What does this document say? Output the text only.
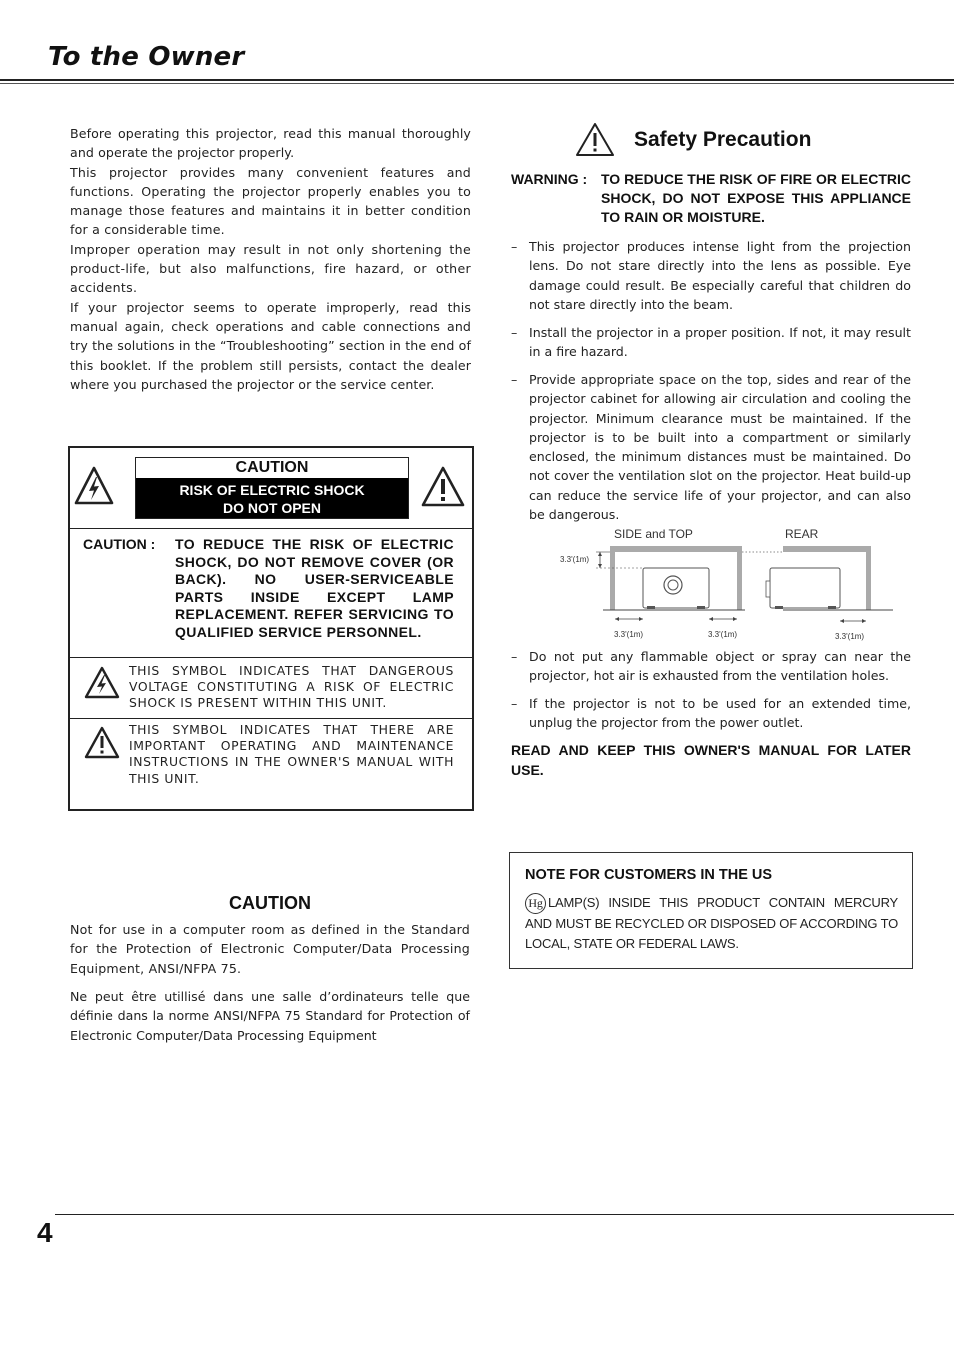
To the Owner

Before operating this projector, read this manual thoroughly and operate the projector properly.

This projector provides many convenient features and functions. Operating the projector properly enables you to manage those features and maintains it in better condition for a considerable time.

Improper operation may result in not only shortening the product-life, but also malfunctions, fire hazard, or other accidents.

If your projector seems to operate improperly, read this manual again, check operations and cable connections and try the solutions in the “Troubleshooting” section in the end of this booklet. If the problem still persists, contact the dealer where you purchased the projector or the service center.

CAUTION
RISK OF ELECTRIC SHOCK
DO NOT OPEN
CAUTION : TO REDUCE THE RISK OF ELECTRIC SHOCK, DO NOT REMOVE COVER (OR BACK). NO USER-SERVICEABLE PARTS INSIDE EXCEPT LAMP REPLACEMENT. REFER SERVICING TO QUALIFIED SERVICE PERSONNEL.
THIS SYMBOL INDICATES THAT DANGEROUS VOLTAGE CONSTITUTING A RISK OF ELECTRIC SHOCK IS PRESENT WITHIN THIS UNIT.
THIS SYMBOL INDICATES THAT THERE ARE IMPORTANT OPERATING AND MAINTENANCE INSTRUCTIONS IN THE OWNER'S MANUAL WITH THIS UNIT.
CAUTION
Not for use in a computer room as defined in the Standard for the Protection of Electronic Computer/Data Processing Equipment, ANSI/NFPA 75.
Ne peut être utillisé dans une salle d’ordinateurs telle que définie dans la norme ANSI/NFPA 75 Standard for Protection of Electronic Computer/Data Processing Equipment
Safety Precaution
WARNING : TO REDUCE THE RISK OF FIRE OR ELECTRIC SHOCK, DO NOT EXPOSE THIS APPLIANCE TO RAIN OR MOISTURE.
– This projector produces intense light from the projection lens. Do not stare directly into the lens as possible. Eye damage could result. Be especially careful that children do not stare directly into the beam.
– Install the projector in a proper position. If not, it may result in a fire hazard.
– Provide appropriate space on the top, sides and rear of the projector cabinet for allowing air circulation and cooling the projector. Minimum clearance must be maintained. If the projector is to be built into a compartment or similarly enclosed, the minimum distances must be maintained. Do not cover the ventilation slot on the projector. Heat build-up can reduce the service life of your projector, and can also be dangerous.
SIDE and TOP	REAR
3.3'(1m)
3.3'(1m)	3.3'(1m)	3.3'(1m)
– Do not put any flammable object or spray can near the projector, hot air is exhausted from the ventilation holes.
– If the projector is not to be used for an extended time, unplug the projector from the power outlet.
READ AND KEEP THIS OWNER'S MANUAL FOR LATER USE.
NOTE FOR CUSTOMERS IN THE US
Hg LAMP(S) INSIDE THIS PRODUCT CONTAIN MERCURY AND MUST BE RECYCLED OR DISPOSED OF ACCORDING TO LOCAL, STATE OR FEDERAL LAWS.
4
